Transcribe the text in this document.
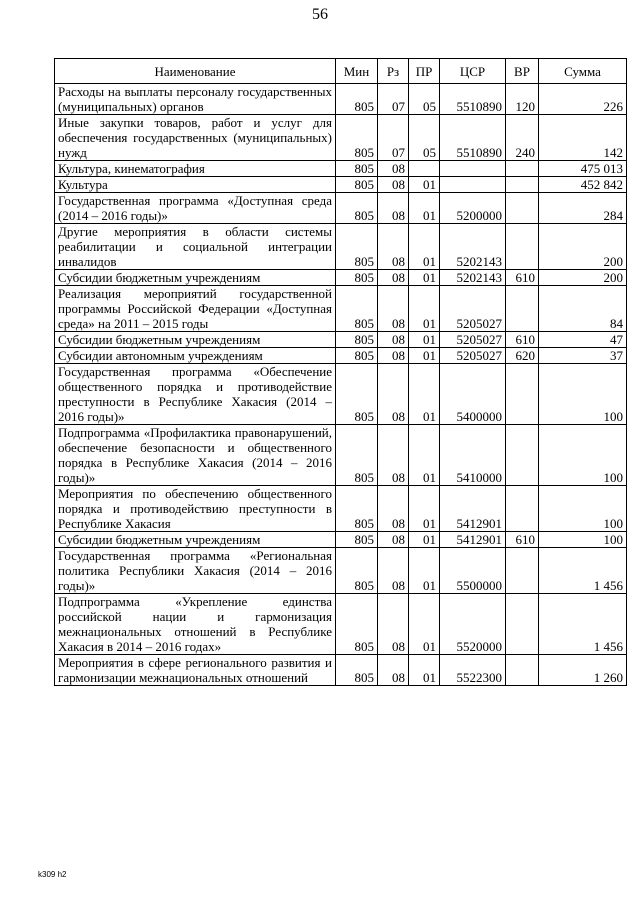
56
Наименование	Мин	Рз	ПР	ЦСР	ВР	Сумма
Расходы на выплаты персоналу государственных (муниципальных) органов	805	07	05	5510890	120	226
Иные закупки товаров, работ и услуг для обеспечения государственных (муниципальных) нужд	805	07	05	5510890	240	142
Культура, кинематография	805	08				475 013
Культура	805	08	01			452 842
Государственная программа «Доступная среда (2014 – 2016 годы)»	805	08	01	5200000		284
Другие мероприятия в области системы реабилитации и социальной интеграции инвалидов	805	08	01	5202143		200
Субсидии бюджетным учреждениям	805	08	01	5202143	610	200
Реализация мероприятий государственной программы Российской Федерации «Доступная среда» на 2011 – 2015 годы	805	08	01	5205027		84
Субсидии бюджетным учреждениям	805	08	01	5205027	610	47
Субсидии автономным учреждениям	805	08	01	5205027	620	37
Государственная программа «Обеспечение общественного порядка и противодействие преступности в Республике Хакасия (2014 – 2016 годы)»	805	08	01	5400000		100
Подпрограмма «Профилактика правонарушений, обеспечение безопасности и общественного порядка в Республике Хакасия (2014 – 2016 годы)»	805	08	01	5410000		100
Мероприятия по обеспечению общественного порядка и противодействию преступности в Республике Хакасия	805	08	01	5412901		100
Субсидии бюджетным учреждениям	805	08	01	5412901	610	100
Государственная программа «Региональная политика Республики Хакасия (2014 – 2016 годы)»	805	08	01	5500000		1 456
Подпрограмма «Укрепление единства российской нации и гармонизация межнациональных отношений в Республике Хакасия в 2014 – 2016 годах»	805	08	01	5520000		1 456
Мероприятия в сфере регионального развития и гармонизации межнациональных отношений	805	08	01	5522300		1 260
k309 h2
